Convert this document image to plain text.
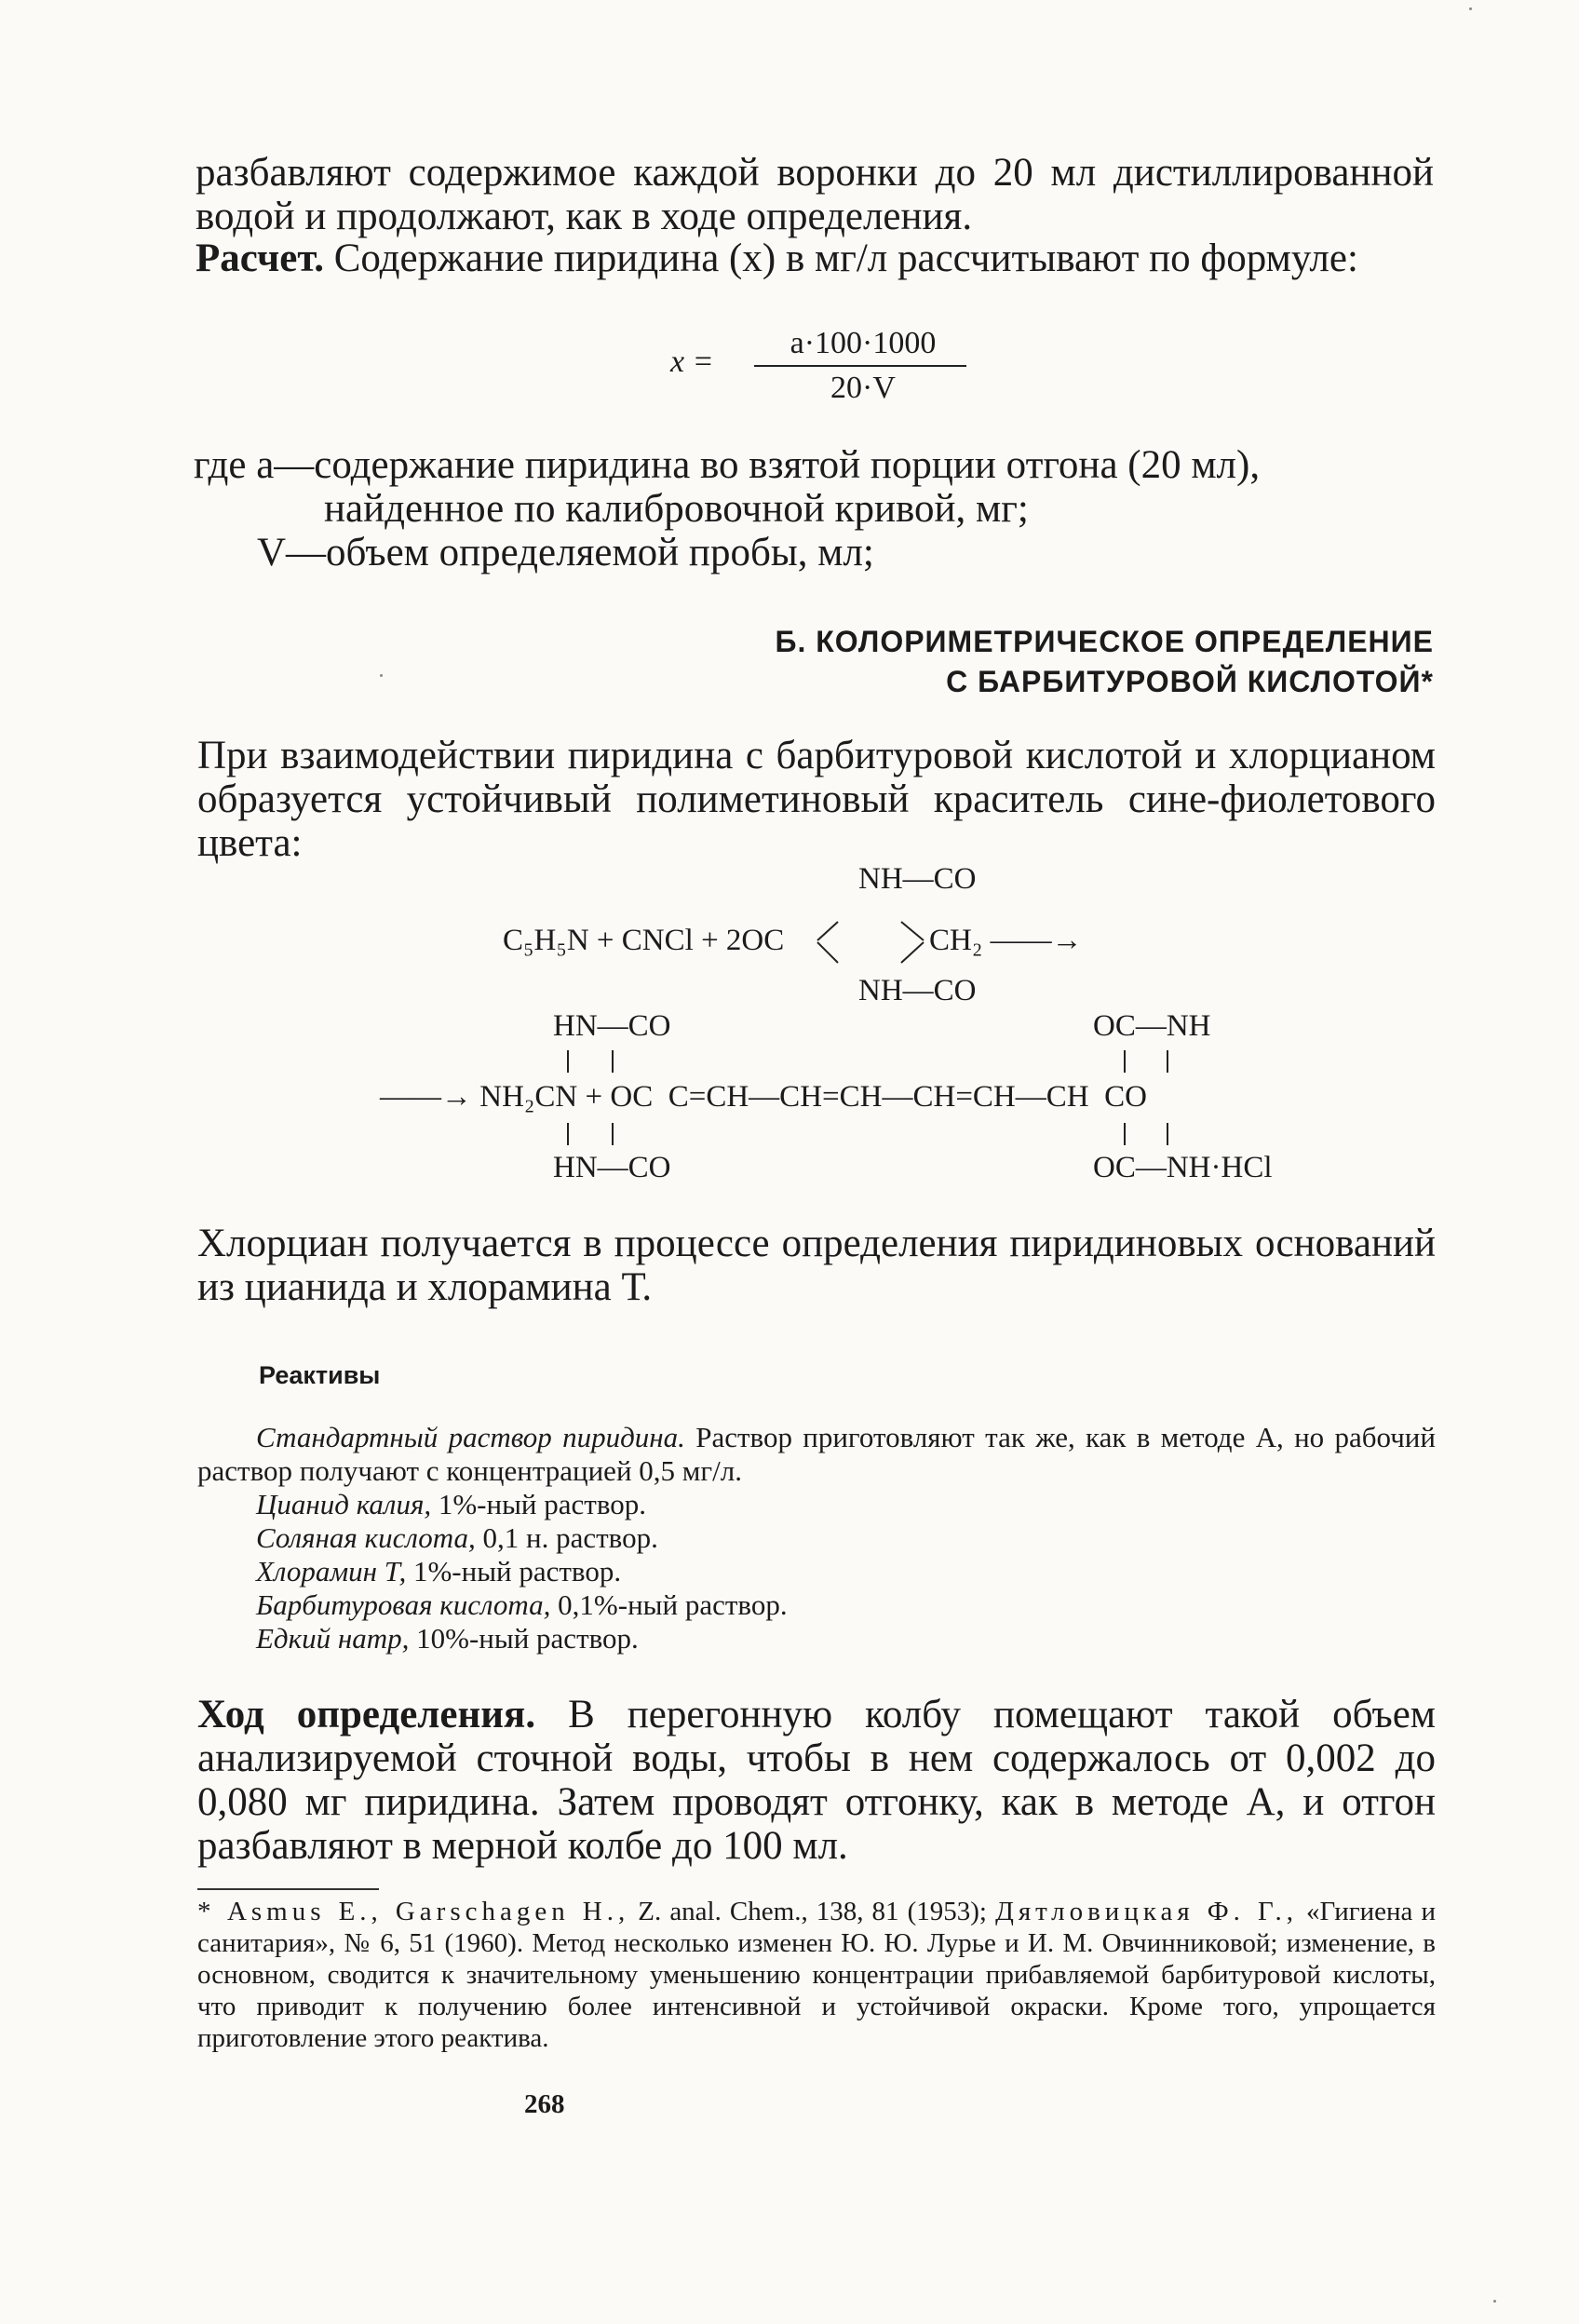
разбавляют содержимое каждой воронки до 20 мл дистиллированной водой и продолжают, как в ходе определения.

Расчет. Содержание пиридина (x) в мг/л рассчитывают по формуле:

x =
a·100·1000
20·V
где a—содержание пиридина во взятой порции отгона (20 мл),
найденное по калибровочной кривой, мг;
V—объем определяемой пробы, мл;
Б. КОЛОРИМЕТРИЧЕСКОЕ ОПРЕДЕЛЕНИЕ
С БАРБИТУРОВОЙ КИСЛОТОЙ*

При взаимодействии пиридина с барбитуровой кислотой и хлорцианом образуется устойчивый полиметиновый краситель сине-фиолетового цвета:

NH—CO

C₅H₅N + CNCl + 2OC

	CH₂ ——→

NH—CO

HN—CO

	OC—NH

——→ NH₂CN + OC  C=CH—CH=CH—CH=CH—CH  CO

HN—CO

	OC—NH·HCl

Хлорциан получается в процессе определения пиридиновых оснований из цианида и хлорамина Т.

Реактивы
Стандартный раствор пиридина. Раствор приготовляют так же, как в методе А, но рабочий раствор получают с концентрацией 0,5 мг/л.
Цианид калия, 1%-ный раствор.
Соляная кислота, 0,1 н. раствор.
Хлорамин Т, 1%-ный раствор.
Барбитуровая кислота, 0,1%-ный раствор.
Едкий натр, 10%-ный раствор.

Ход определения. В перегонную колбу помещают такой объем анализируемой сточной воды, чтобы в нем содержалось от 0,002 до 0,080 мг пиридина. Затем проводят отгонку, как в методе А, и отгон разбавляют в мерной колбе до 100 мл.

* Asmus E., Garschagen H., Z. anal. Chem., 138, 81 (1953); Дятловицкая Ф. Г., «Гигиена и санитария», № 6, 51 (1960). Метод несколько изменен Ю. Ю. Лурье и И. М. Овчинниковой; изменение, в основном, сводится к значительному уменьшению концентрации прибавляемой барбитуровой кислоты, что приводит к получению более интенсивной и устойчивой окраски. Кроме того, упрощается приготовление этого реактива.
268
